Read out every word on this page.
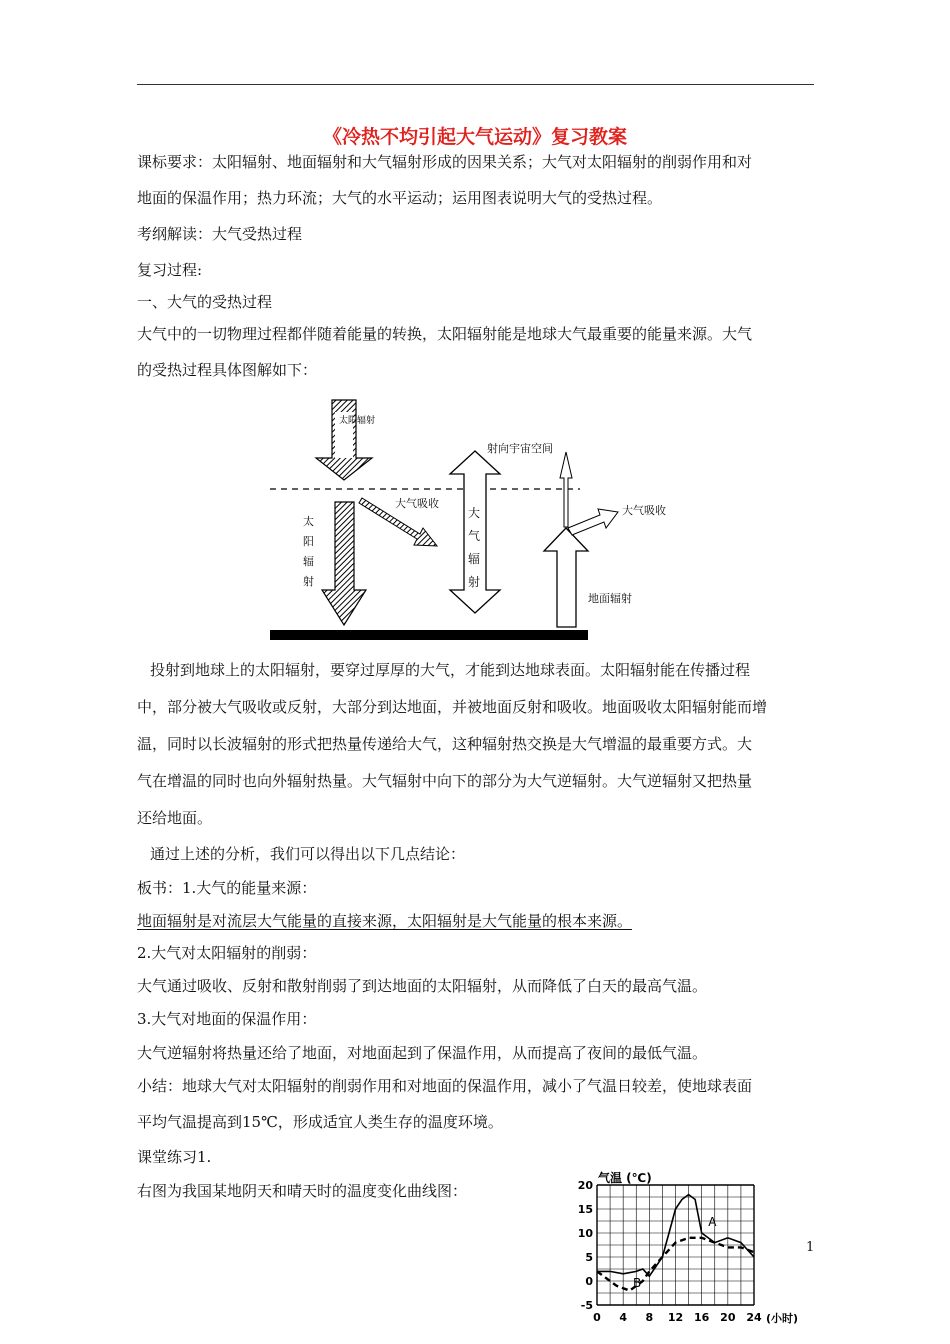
《冷热不均引起大气运动》复习教案
课标要求：太阳辐射、地面辐射和大气辐射形成的因果关系；大气对太阳辐射的削弱作用和对
地面的保温作用；热力环流；大气的水平运动；运用图表说明大气的受热过程。
考纲解读：大气受热过程
复习过程:
一、大气的受热过程
大气中的一切物理过程都伴随着能量的转换，太阳辐射能是地球大气最重要的能量来源。大气
的受热过程具体图解如下：
太阳辐射
大气吸收
射向宇宙空间
大气吸收
地面辐射
太阳辐射
大气辐射
投射到地球上的太阳辐射，要穿过厚厚的大气，才能到达地球表面。太阳辐射能在传播过程
中，部分被大气吸收或反射，大部分到达地面，并被地面反射和吸收。地面吸收太阳辐射能而增
温，同时以长波辐射的形式把热量传递给大气，这种辐射热交换是大气增温的最重要方式。大
气在增温的同时也向外辐射热量。大气辐射中向下的部分为大气逆辐射。大气逆辐射又把热量
还给地面。
通过上述的分析，我们可以得出以下几点结论：
板书：1.大气的能量来源：
地面辐射是对流层大气能量的直接来源，太阳辐射是大气能量的根本来源。
2.大气对太阳辐射的削弱：
大气通过吸收、反射和散射削弱了到达地面的太阳辐射，从而降低了白天的最高气温。
3.大气对地面的保温作用：
大气逆辐射将热量还给了地面，对地面起到了保温作用，从而提高了夜间的最低气温。
小结：地球大气对太阳辐射的削弱作用和对地面的保温作用，减小了气温日较差，使地球表面
平均气温提高到15℃，形成适宜人类生存的温度环境。
课堂练习1.
右图为我国某地阴天和晴天时的温度变化曲线图：
1
气温 (℃)
20
15
10
5
0
-5
0 4 8 12 16 20 24
A
B
(小时)
